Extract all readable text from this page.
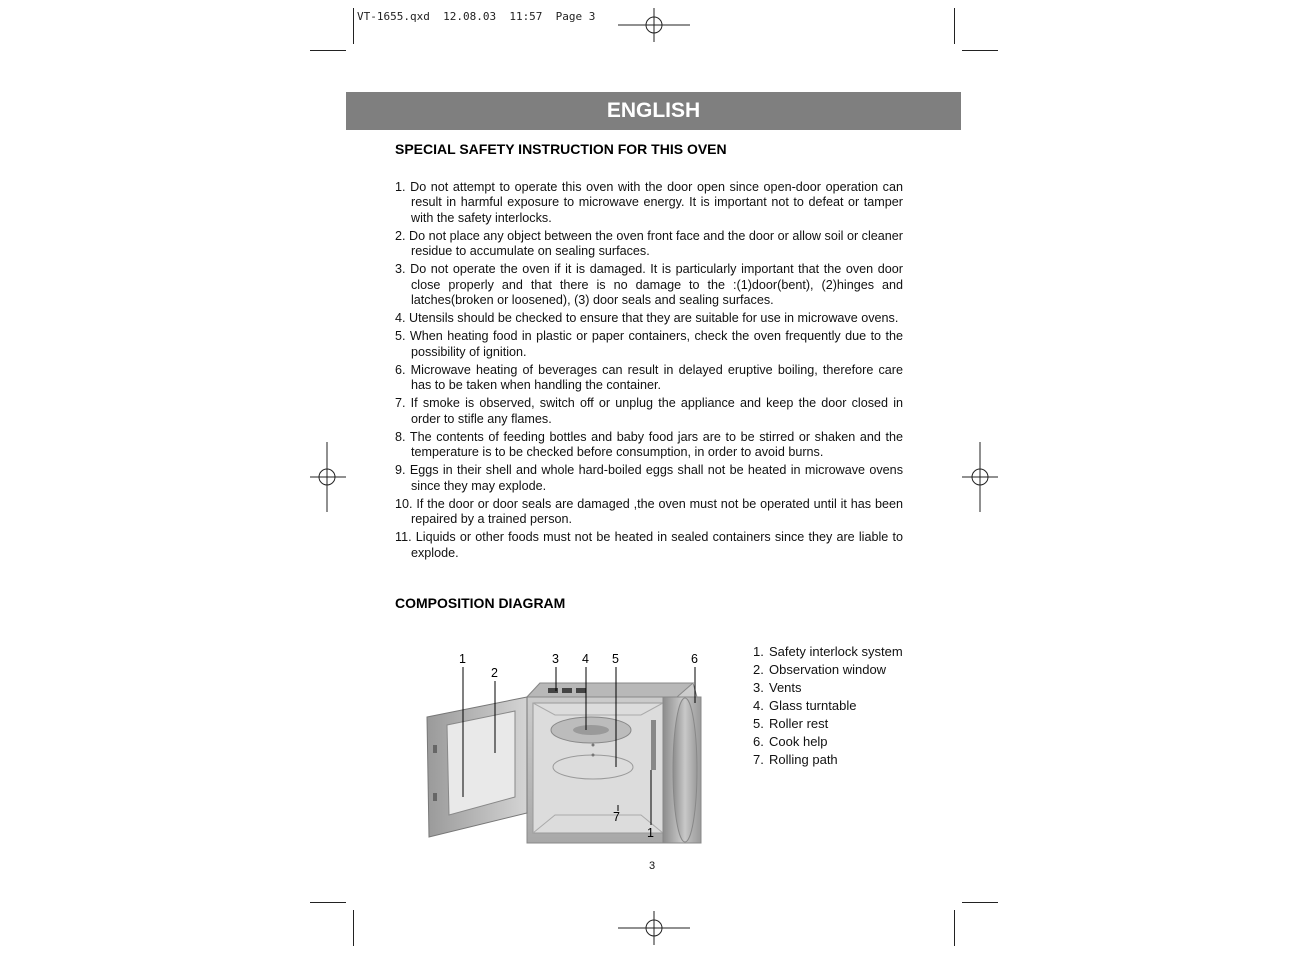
VT-1655.qxd  12.08.03  11:57  Page 3
ENGLISH
SPECIAL SAFETY INSTRUCTION FOR THIS OVEN
1. Do not attempt to operate this oven with the door open since open-door operation can result in harmful exposure to microwave energy. It is important not to defeat or tamper with the safety interlocks.
2. Do not place any object between the oven front face and the door or allow soil or cleaner residue to accumulate on sealing surfaces.
3. Do not operate the oven if it is damaged. It is particularly important that the oven door close properly and that there is no damage to the :(1)door(bent), (2)hinges and latches(broken or loosened), (3) door seals and sealing surfaces.
4. Utensils should be checked to ensure that they are suitable for use in microwave ovens.
5. When heating food in plastic or paper containers, check the oven frequently due to the possibility of ignition.
6. Microwave heating of beverages can result in delayed eruptive boiling, therefore care has to be taken when handling the container.
7. If smoke is observed, switch off or unplug the appliance and keep the door closed in order to stifle any flames.
8. The contents of feeding bottles and baby food jars are to be stirred or shaken and the temperature is to be checked before consumption, in order to avoid burns.
9. Eggs in their shell and whole hard-boiled eggs shall not be heated in microwave ovens since they may explode.
10. If the door or door seals are damaged ,the oven must not be operated until it has been repaired by a trained person.
11. Liquids or other foods must not be heated in sealed containers since they are liable to explode.
COMPOSITION DIAGRAM
1
2
3 4 5	6
7
1
1. Safety interlock system
2. Observation window
3. Vents
4. Glass turntable
5. Roller rest
6. Cook help
7. Rolling path
3
